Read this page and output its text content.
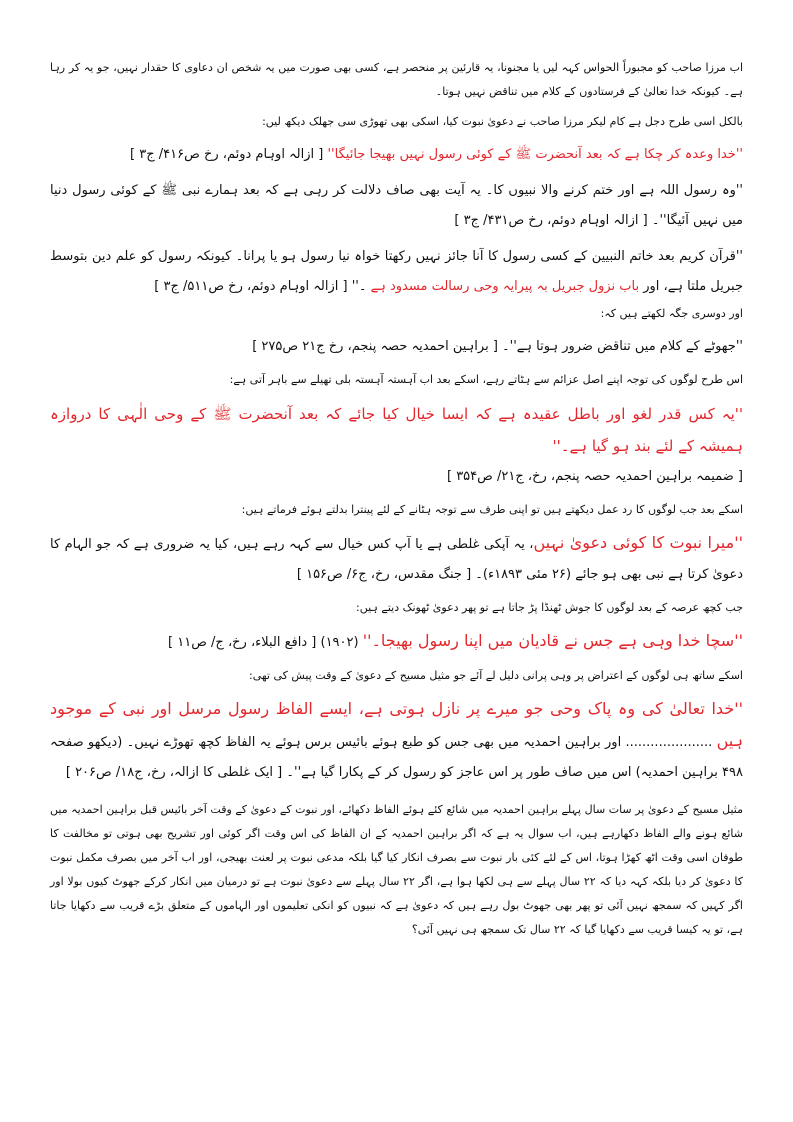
اب مرزا صاحب کو مجبوراً الحواس کہہ لیں یا مجنونا، یہ قارئین پر منحصر ہے، کسی بھی صورت میں یہ شخص ان دعاوی کا حقدار نہیں، جو یہ کر رہا ہے۔ کیونکہ خدا تعالیٰ کے فرستادوں کے کلام میں تناقض نہیں ہوتا۔

بالکل اسی طرح دجل ہے کام لیکر مرزا صاحب نے دعویٰ نبوت کیا، اسکی بھی تھوڑی سی جھلک دیکھ لیں:

''خدا وعدہ کر چکا ہے کہ بعد آنحضرت ﷺ کے کوئی رسول نہیں بھیجا جائیگا'' [ ازالہ اوہام دوئم، رخ ص۴۱۶/ ج۳ ]

''وہ رسول اللہ ہے اور ختم کرنے والا نبیوں کا۔ یہ آیت بھی صاف دلالت کر رہی ہے کہ بعد ہمارے نبی ﷺ کے کوئی رسول دنیا میں نہیں آئیگا''۔ [ ازالہ اوہام دوئم، رخ ص۴۳۱/ ج۳ ]

''قرآن کریم بعد خاتم النبیین کے کسی رسول کا آنا جائز نہیں رکھتا خواہ نیا رسول ہو یا پرانا۔ کیونکہ رسول کو علم دین بتوسط جبریل ملتا ہے، اور باب نزول جبریل بہ پیرایہ وحی رسالت مسدود ہے ۔'' [ ازالہ اوہام دوئم، رخ ص۵۱۱/ ج۳ ]

اور دوسری جگہ لکھتے ہیں کہ:

''جھوٹے کے کلام میں تناقض ضرور ہوتا ہے''۔ [ براہین احمدیہ حصہ پنجم، رخ ج۲۱ ص۲۷۵ ]

اس طرح لوگوں کی توجہ اپنے اصل عزائم سے ہٹاتے رہے، اسکے بعد اب آہستہ آہستہ بلی تھیلے سے باہر آتی ہے:

''یہ کس قدر لغو اور باطل عقیدہ ہے کہ ایسا خیال کیا جائے کہ بعد آنحضرت ﷺ کے وحی الٰہی کا دروازہ ہمیشہ کے لئے بند ہو گیا ہے۔''

[ ضمیمہ براہین احمدیہ حصہ پنجم، رخ، ج۲۱/ ص۳۵۴ ]

اسکے بعد جب لوگوں کا رد عمل دیکھتے ہیں تو اپنی طرف سے توجہ ہٹانے کے لئے پینترا بدلتے ہوئے فرماتے ہیں:

''میرا نبوت کا کوئی دعویٰ نہیں، یہ آپکی غلطی ہے یا آپ کس خیال سے کہہ رہے ہیں، کیا یہ ضروری ہے کہ جو الہام کا دعویٰ کرتا ہے نبی بھی ہو جائے (۲۶ مئی ۱۸۹۳ء)۔ [ جنگ مقدس، رخ، ج۶/ ص۱۵۶ ]

جب کچھ عرصہ کے بعد لوگوں کا جوش ٹھنڈا پڑ جاتا ہے تو پھر دعویٰ ٹھونک دیتے ہیں:

''سچا خدا وہی ہے جس نے قادیان میں اپنا رسول بھیجا۔'' (۱۹۰۲) [ دافع البلاء، رخ، ج/ ص۱۱ ]

اسکے ساتھ ہی لوگوں کے اعتراض پر وہی پرانی دلیل لے آئے جو مثیل مسیح کے دعویٰ کے وقت پیش کی تھی:

''خدا تعالیٰ کی وہ پاک وحی جو میرے پر نازل ہوتی ہے، ایسے الفاظ رسول مرسل اور نبی کے موجود ہیں ..................... اور براہین احمدیہ میں بھی جس کو طبع ہوئے بائیس برس ہوئے یہ الفاظ کچھ تھوڑے نہیں۔ (دیکھو صفحہ ۴۹۸ براہین احمدیہ) اس میں صاف طور پر اس عاجز کو رسول کر کے پکارا گیا ہے''۔ [ ایک غلطی کا ازالہ، رخ، ج۱۸/ ص۲۰۶ ]

مثیل مسیح کے دعویٰ پر سات سال پہلے براہین احمدیہ میں شائع کئے ہوئے الفاظ دکھائے، اور نبوت کے دعویٰ کے وقت آخر بائیس قبل براہین احمدیہ میں شائع ہونے والے الفاظ دکھارہے ہیں، اب سوال یہ ہے کہ اگر براہین احمدیہ کے ان الفاظ کی اس وقت اگر کوئی اور تشریح بھی ہوتی تو مخالفت کا طوفان اسی وقت اٹھ کھڑا ہوتا، اس کے لئے کئی بار نبوت سے بصرف انکار کیا گیا بلکہ مدعی نبوت پر لعنت بھیجی، اور اب آخر میں بصرف مکمل نبوت کا دعویٰ کر دیا بلکہ کہہ دیا کہ ۲۲ سال پہلے سے ہی لکھا ہوا ہے، اگر ۲۲ سال پہلے سے دعویٰ نبوت ہے تو درمیان میں انکار کرکے جھوٹ کیوں بولا اور اگر کہیں کہ سمجھ نہیں آئی تو پھر بھی جھوٹ بول رہے ہیں کہ دعویٰ ہے کہ نبیوں کو انکی تعلیموں اور الہاموں کے متعلق بڑے قریب سے دکھایا جاتا ہے، تو یہ کیسا قریب سے دکھایا گیا کہ ۲۲ سال تک سمجھ ہی نہیں آئی؟
